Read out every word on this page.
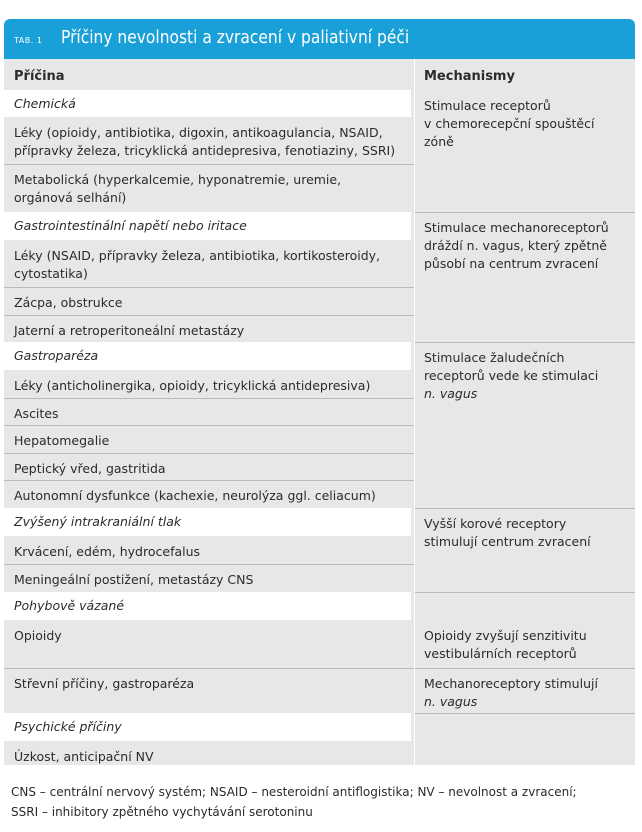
TAB. 1 Příčiny nevolnosti a zvracení v paliativní péči
Příčina	Mechanismy
Chemická
Léky (opioidy, antibiotika, digoxin, antikoagulancia, NSAID,
přípravky železa, tricyklická antidepresiva, fenotiaziny, SSRI)
Metabolická (hyperkalcemie, hyponatremie, uremie,
orgánová selhání)
Stimulace receptorů
v chemorecepční spouštěcí
zóně
Gastrointestinální napětí nebo iritace
Léky (NSAID, přípravky železa, antibiotika, kortikosteroidy,
cytostatika)
Zácpa, obstrukce
Jaterní a retroperitoneální metastázy
Stimulace mechanoreceptorů
dráždí n. vagus, který zpětně
působí na centrum zvracení
Gastroparéza
Léky (anticholinergika, opioidy, tricyklická antidepresiva)
Ascites
Hepatomegalie
Peptický vřed, gastritida
Autonomní dysfunkce (kachexie, neurolýza ggl. celiacum)
Stimulace žaludečních
receptorů vede ke stimulaci
n. vagus
Zvýšený intrakraniální tlak
Krvácení, edém, hydrocefalus
Meningeální postižení, metastázy CNS
Vyšší korové receptory
stimulují centrum zvracení
Pohybově vázané
Opioidy
Střevní příčiny, gastroparéza
Opioidy zvyšují senzitivitu
vestibulárních receptorů
Mechanoreceptory stimulují
n. vagus
Psychické příčiny
Úzkost, anticipační NV
CNS – centrální nervový systém; NSAID – nesteroidní antiflogistika; NV – nevolnost a zvracení;
SSRI – inhibitory zpětného vychytávání serotoninu
